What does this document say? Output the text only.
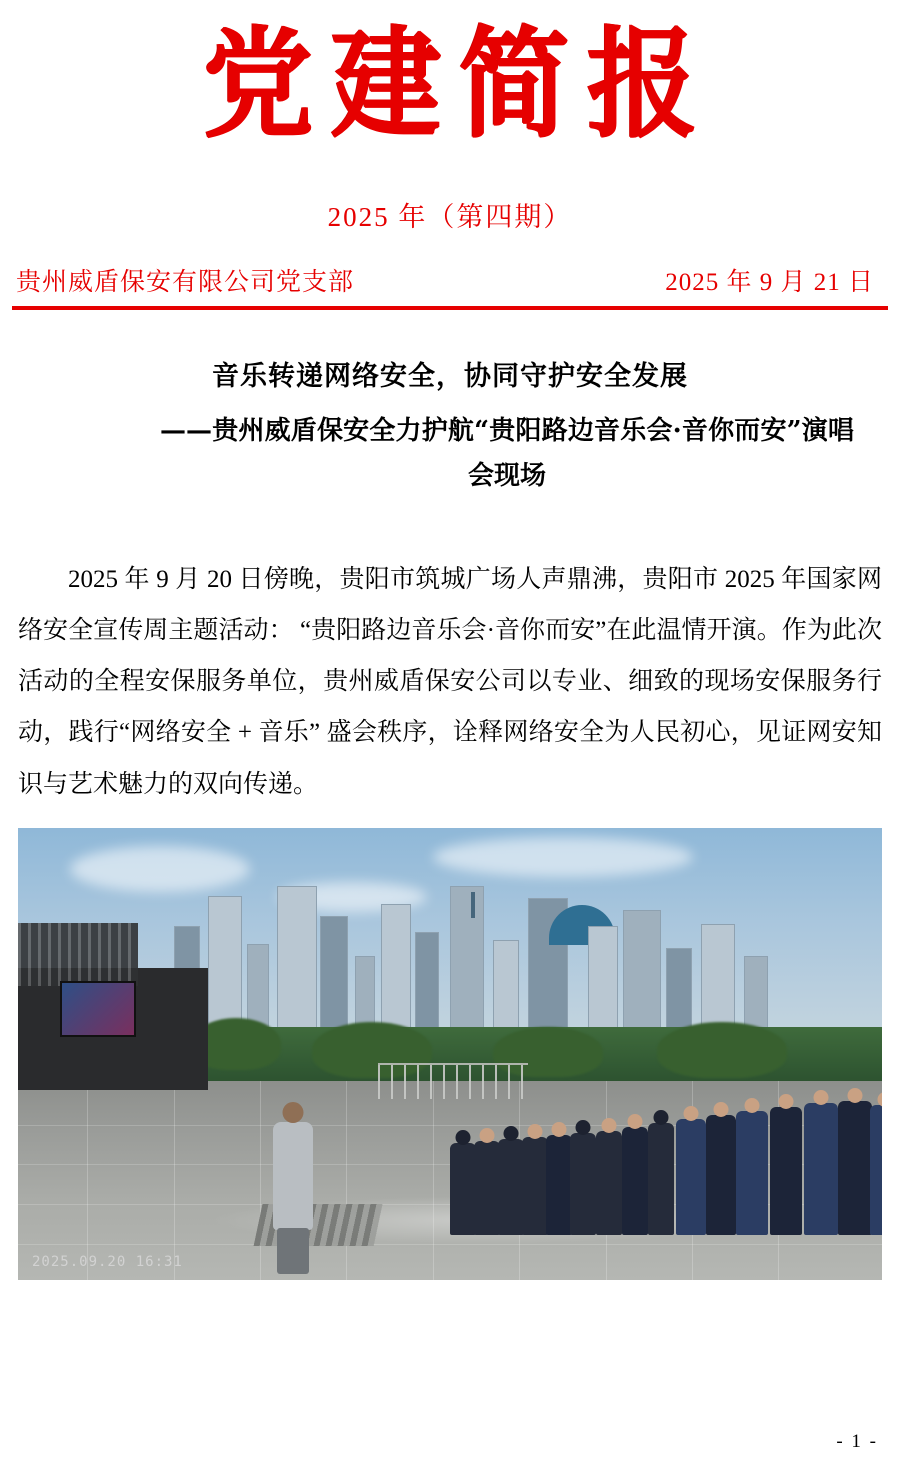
党建简报
2025 年（第四期）
贵州威盾保安有限公司党支部	2025 年 9 月 21 日
音乐转递网络安全，协同守护安全发展
——贵州威盾保安全力护航“贵阳路边音乐会·音你而安”演唱会现场
2025 年 9 月 20 日傍晚，贵阳市筑城广场人声鼎沸，贵阳市 2025 年国家网络安全宣传周主题活动： “贵阳路边音乐会·音你而安”在此温情开演。作为此次活动的全程安保服务单位，贵州威盾保安公司以专业、细致的现场安保服务行动，践行“网络安全 + 音乐” 盛会秩序，诠释网络安全为人民初心，见证网安知识与艺术魅力的双向传递。
2025.09.20 16:31
- 1 -
